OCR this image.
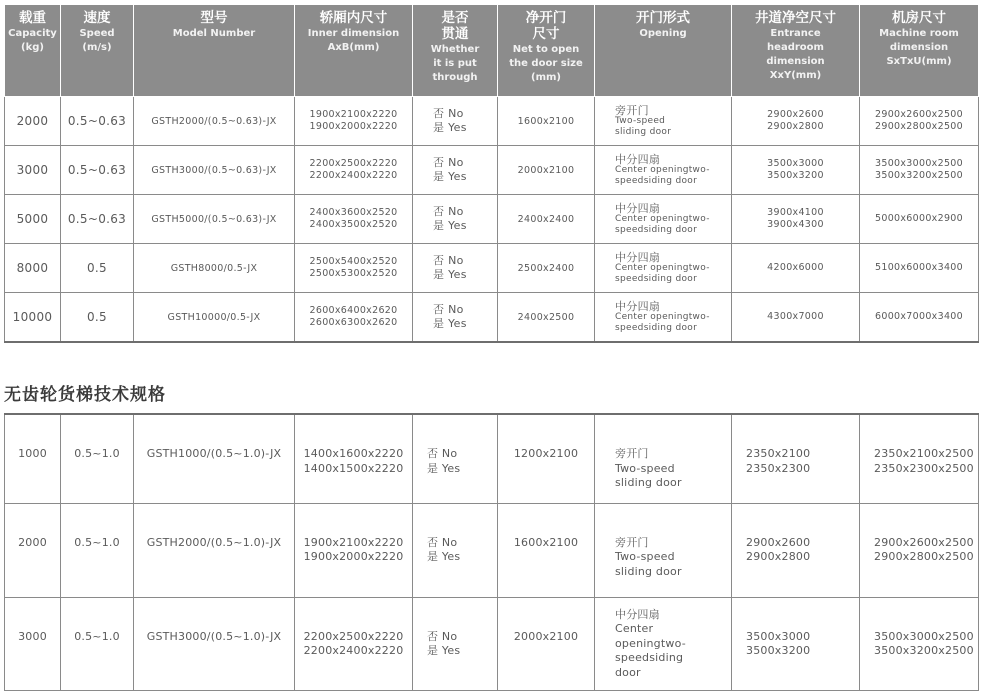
载重
Capacity
(kg)	速度
Speed
(m/s)	型号
Model Number	轿厢内尺寸
Inner dimension
AxB(mm)	是否
贯通
Whether
it is put
through	净开门
尺寸
Net to open
the door size
(mm)	开门形式
Opening	井道净空尺寸
Entrance
headroom
dimension
XxY(mm)	机房尺寸
Machine room
dimension
SxTxU(mm)

2000	0.5~0.63	GSTH2000/(0.5~0.63)-JX	1900x2100x2220
1900x2000x2220	否 No
是 Yes	1600x2100	旁开门
Two-speed
sliding door	2900x2600
2900x2800	2900x2600x2500
2900x2800x2500

3000	0.5~0.63	GSTH3000/(0.5~0.63)-JX	2200x2500x2220
2200x2400x2220	否 No
是 Yes	2000x2100	中分四扇
Center openingtwo-
speedsiding door	3500x3000
3500x3200	3500x3000x2500
3500x3200x2500

5000	0.5~0.63	GSTH5000/(0.5~0.63)-JX	2400x3600x2520
2400x3500x2520	否 No
是 Yes	2400x2400	中分四扇
Center openingtwo-
speedsiding door	3900x4100
3900x4300	5000x6000x2900

8000	0.5	GSTH8000/0.5-JX	2500x5400x2520
2500x5300x2520	否 No
是 Yes	2500x2400	中分四扇
Center openingtwo-
speedsiding door	4200x6000	5100x6000x3400

10000	0.5	GSTH10000/0.5-JX	2600x6400x2620
2600x6300x2620	否 No
是 Yes	2400x2500	中分四扇
Center openingtwo-
speedsiding door	4300x7000	6000x7000x3400
无齿轮货梯技术规格
1000	0.5~1.0	GSTH1000/(0.5~1.0)-JX	1400x1600x2220
1400x1500x2220	否 No
是 Yes	1200x2100	旁开门
Two-speed
sliding door	2350x2100
2350x2300	2350x2100x2500
2350x2300x2500

2000	0.5~1.0	GSTH2000/(0.5~1.0)-JX	1900x2100x2220
1900x2000x2220	否 No
是 Yes	1600x2100	旁开门
Two-speed
sliding door	2900x2600
2900x2800	2900x2600x2500
2900x2800x2500

3000	0.5~1.0	GSTH3000/(0.5~1.0)-JX	2200x2500x2220
2200x2400x2220	否 No
是 Yes	2000x2100	中分四扇
Center
openingtwo-
speedsiding
door	3500x3000
3500x3200	3500x3000x2500
3500x3200x2500
